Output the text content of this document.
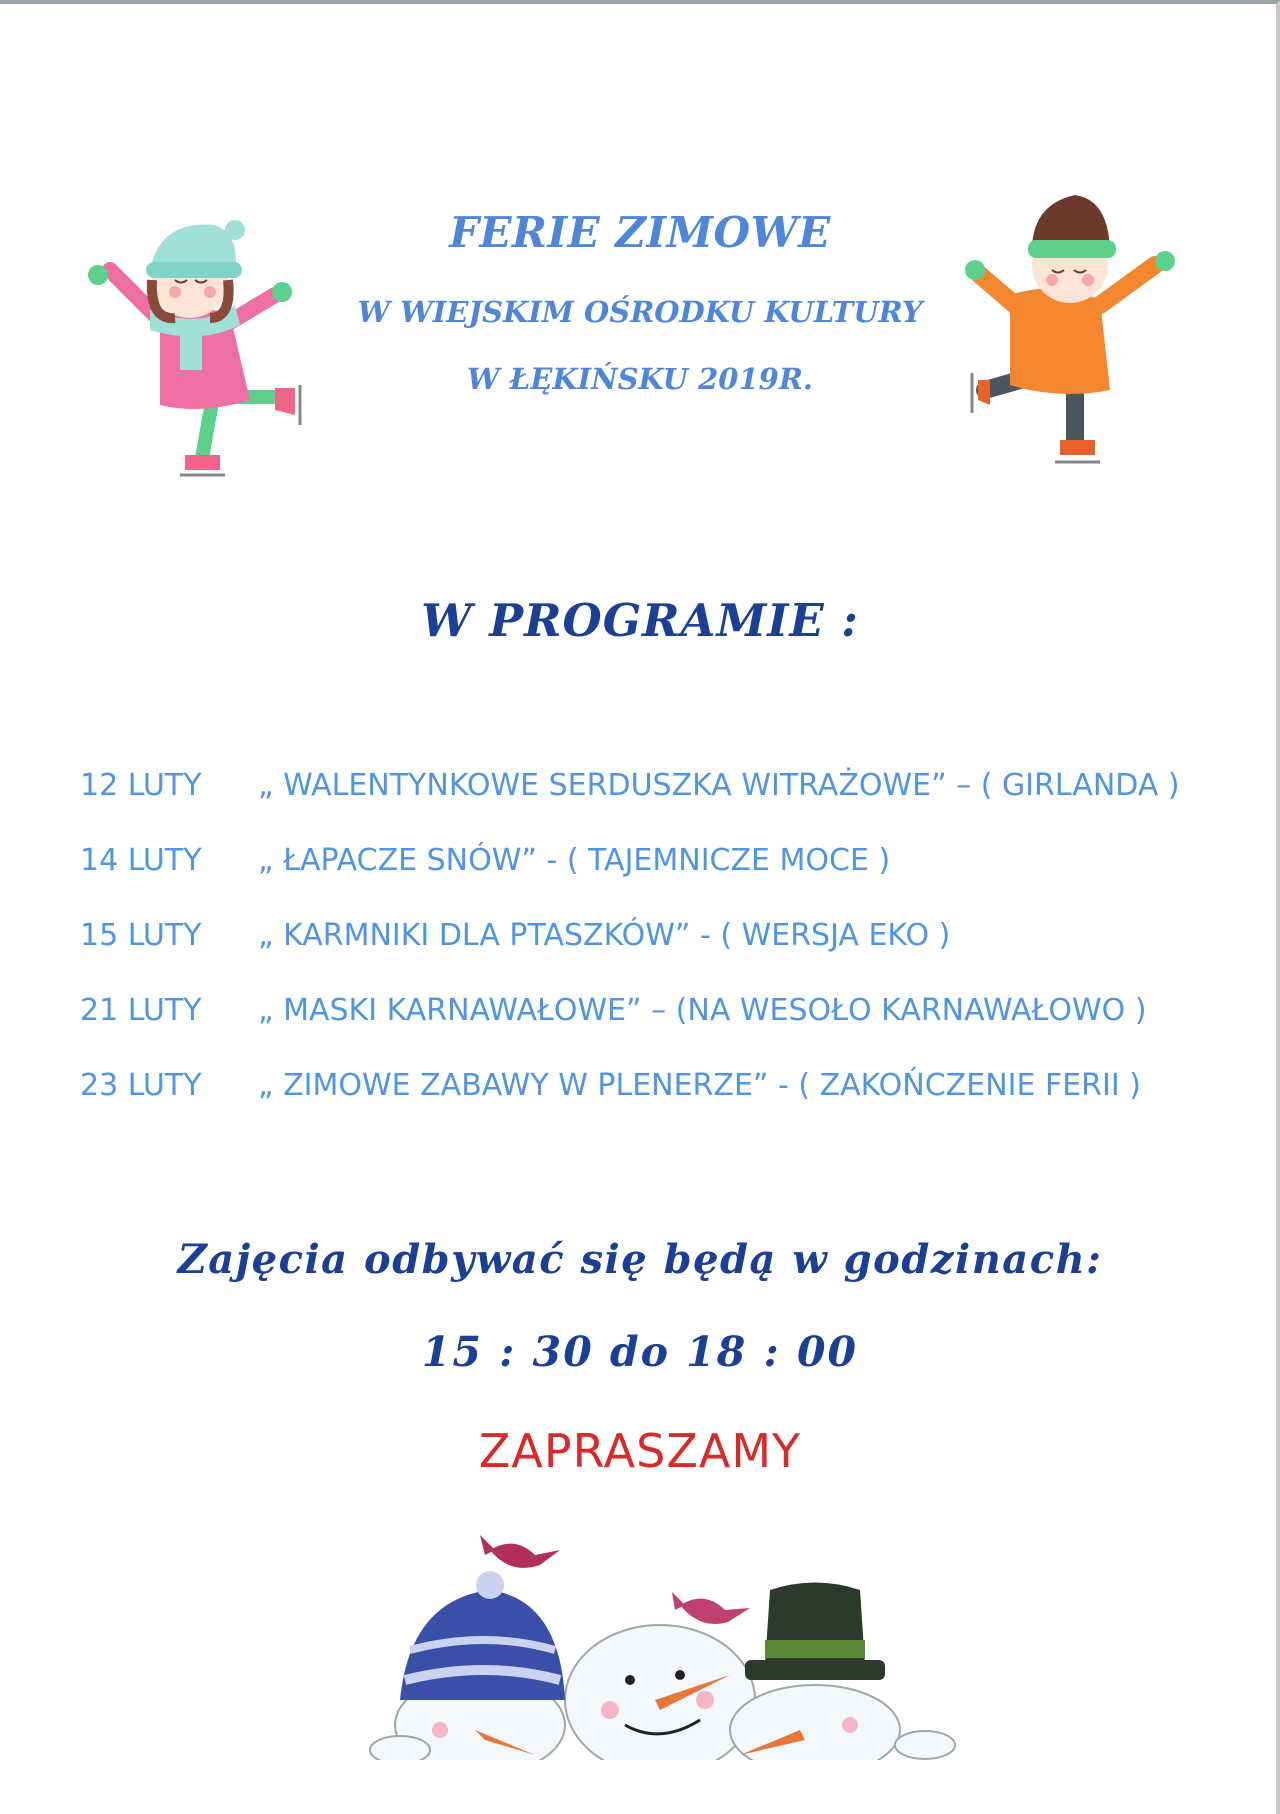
FERIE ZIMOWE
W WIEJSKIM OŚRODKU KULTURY
W ŁĘKIŃSKU 2019R.
W PROGRAMIE :
12 LUTY „ WALENTYNKOWE SERDUSZKA WITRAŻOWE” – ( GIRLANDA )
14 LUTY „ ŁAPACZE SNÓW” - ( TAJEMNICZE MOCE )
15 LUTY „ KARMNIKI DLA PTASZKÓW” - ( WERSJA EKO )
21 LUTY „ MASKI KARNAWAŁOWE” – (NA WESOŁO KARNAWAŁOWO )
23 LUTY „ ZIMOWE ZABAWY W PLENERZE” - ( ZAKOŃCZENIE FERII )
Zajęcia odbywać się będą w godzinach:
15 : 30 do 18 : 00
ZAPRASZAMY
